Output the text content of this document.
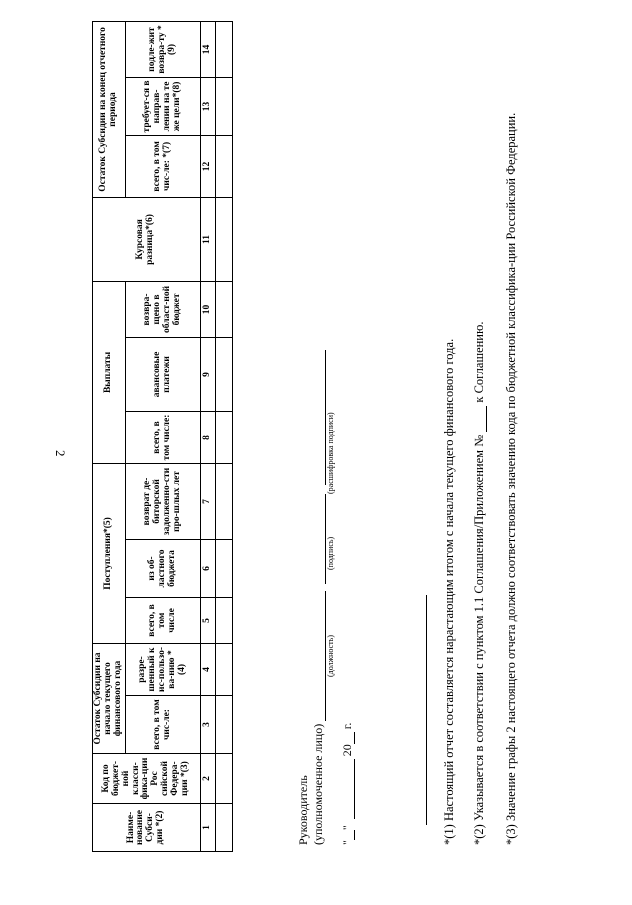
2
Наиме-нование Субси-дии *(2)	Код по бюджет-ной класси-фика-ции Рос сийской Федера-ции *(3)	Остаток Субсидии на начало текущего финансового года		Поступления*(5)			Выплаты			Курсовая разница*(6)	Остаток Субсидии на конец отчетного периода		
		всего, в том чис-ле:	разре-шенный к ис-пользо-ва-нию *(4)	всего, в том числе	из об-ластного бюджета	возврат де-биторской задолженно-сти про-шлых лет	всего, в том числе:	авансовые платежи	возвра-щено в област-ной бюджет		всего, в том чис-ле: *(7)	требует-ся в направ-лении на те же цели*(8)	подле-жит возвра-ту *(9)

1	2	3	4	5	6	7	8	9	10	11	12	13	14

Руководитель (уполномоченное лицо)
(должность)
(подпись)
(расшифровка подписи)
""  20 г.	*(1) Настоящий отчет составляется нарастающим итогом с начала текущего финансового года. *(2) Указывается в соответствии с пунктом 1.1 Соглашения/Приложением №  к Соглашению. *(3) Значение графы 2 настоящего отчета должно соответствовать значению кода по бюджетной классифика-ции Российской Федерации.
